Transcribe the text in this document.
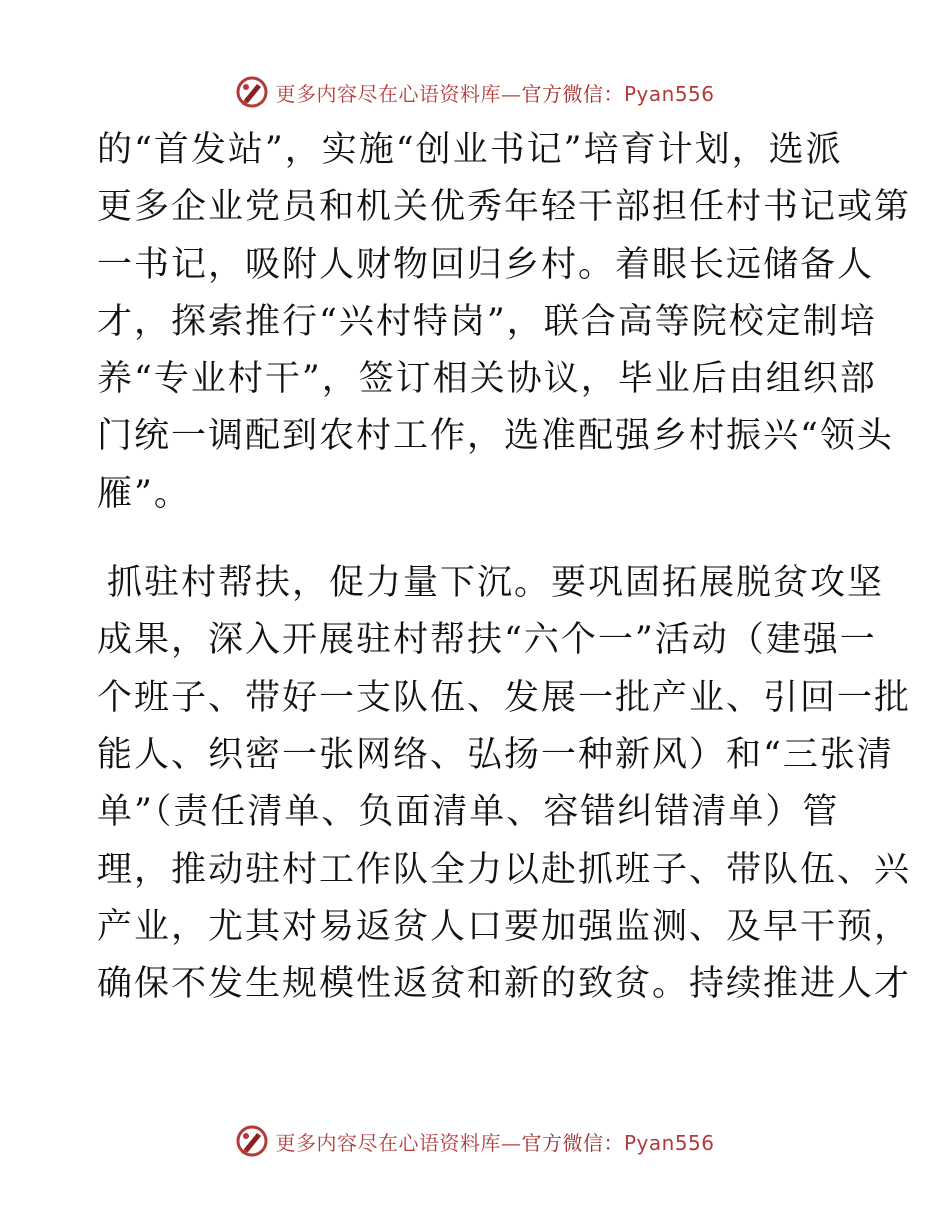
更多内容尽在心语资料库—官方微信：Pyan556
的“首发站”，实施“创业书记”培育计划，选派
更多企业党员和机关优秀年轻干部担任村书记或第
一书记，吸附人财物回归乡村。着眼长远储备人
才，探索推行“兴村特岗”，联合高等院校定制培
养“专业村干”，签订相关协议，毕业后由组织部
门统一调配到农村工作，选准配强乡村振兴“领头
雁”。
抓驻村帮扶，促力量下沉。要巩固拓展脱贫攻坚
成果，深入开展驻村帮扶“六个一”活动（建强一
个班子、带好一支队伍、发展一批产业、引回一批
能人、织密一张网络、弘扬一种新风）和“三张清
单”（责任清单、负面清单、容错纠错清单）管
理，推动驻村工作队全力以赴抓班子、带队伍、兴
产业，尤其对易返贫人口要加强监测、及早干预，
确保不发生规模性返贫和新的致贫。持续推进人才
更多内容尽在心语资料库—官方微信：Pyan556
